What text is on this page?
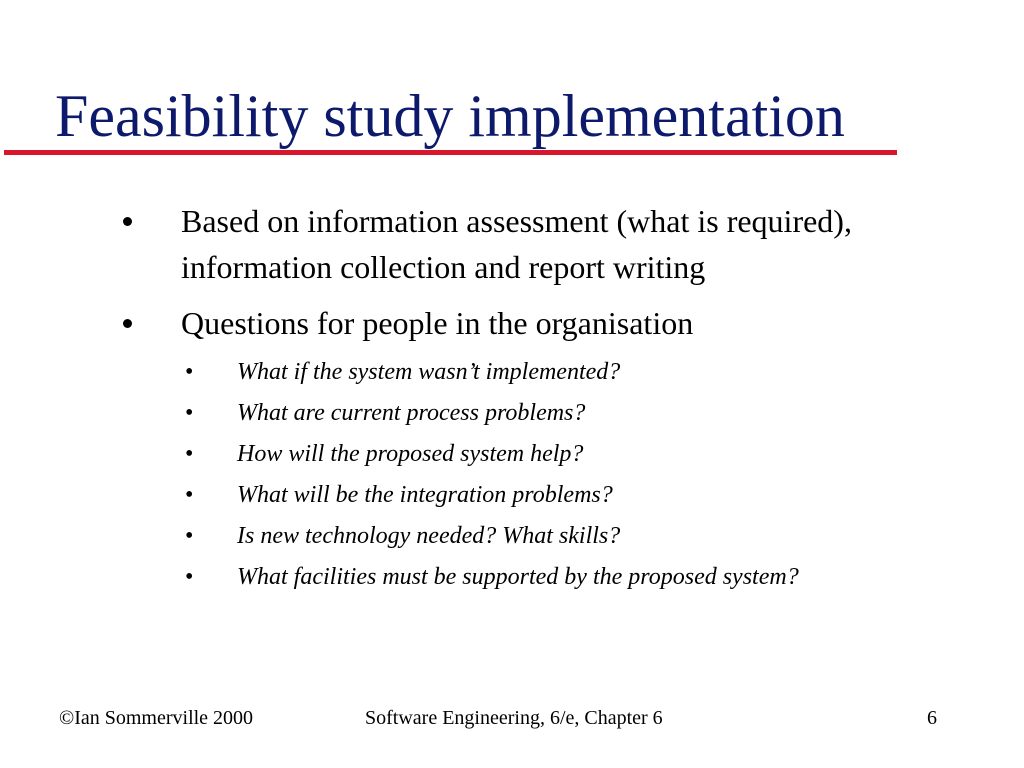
Feasibility study implementation
Based on information assessment (what is required), information collection and report writing
Questions for people in the organisation
• What if the system wasn’t implemented?
• What are current process problems?
• How will the proposed system help?
• What will be the integration problems?
• Is new technology needed? What skills?
• What facilities must be supported by the proposed system?
©Ian Sommerville 2000	Software Engineering, 6/e, Chapter 6	6
